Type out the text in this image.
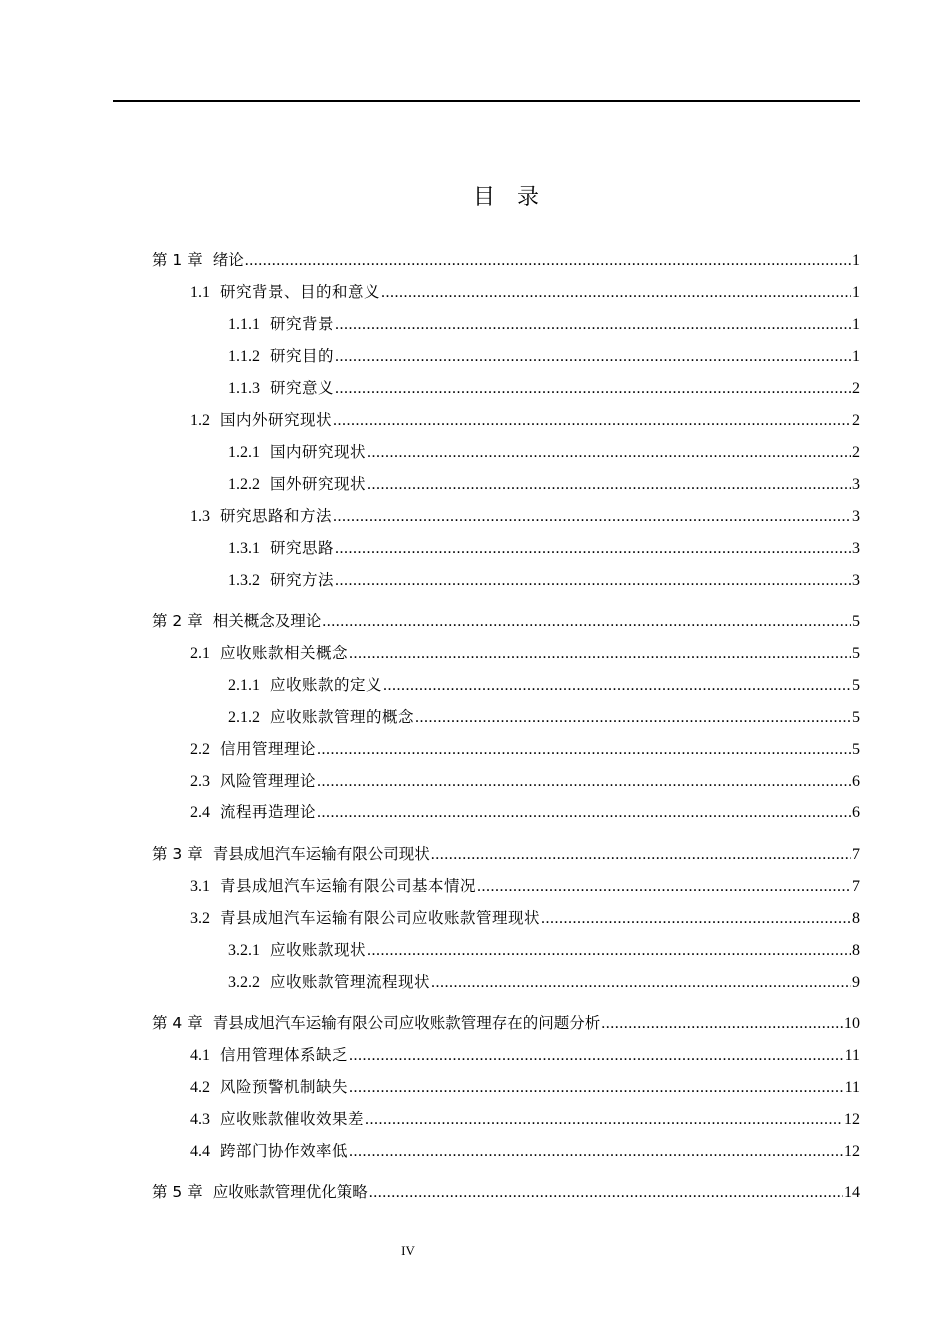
目　录
第 1 章 绪论 .....	1
1.1 研究背景、目的和意义 .....	1
1.1.1 研究背景 .....	1
1.1.2 研究目的 .....	1
1.1.3 研究意义 .....	2
1.2 国内外研究现状 .....	2
1.2.1 国内研究现状 .....	2
1.2.2 国外研究现状 .....	3
1.3 研究思路和方法 .....	3
1.3.1 研究思路 .....	3
1.3.2 研究方法 .....	3
第 2 章 相关概念及理论 .....	5
2.1 应收账款相关概念 .....	5
2.1.1 应收账款的定义 .....	5
2.1.2 应收账款管理的概念 .....	5
2.2 信用管理理论 .....	5
2.3 风险管理理论 .....	6
2.4 流程再造理论 .....	6
第 3 章 青县成旭汽车运输有限公司现状 .....	7
3.1 青县成旭汽车运输有限公司基本情况 .....	7
3.2 青县成旭汽车运输有限公司应收账款管理现状 .....	8
3.2.1 应收账款现状 .....	8
3.2.2 应收账款管理流程现状 .....	9
第 4 章 青县成旭汽车运输有限公司应收账款管理存在的问题分析 .....	10
4.1 信用管理体系缺乏 .....	11
4.2 风险预警机制缺失 .....	11
4.3 应收账款催收效果差 .....	12
4.4 跨部门协作效率低 .....	12
第 5 章 应收账款管理优化策略 .....	14
IV
